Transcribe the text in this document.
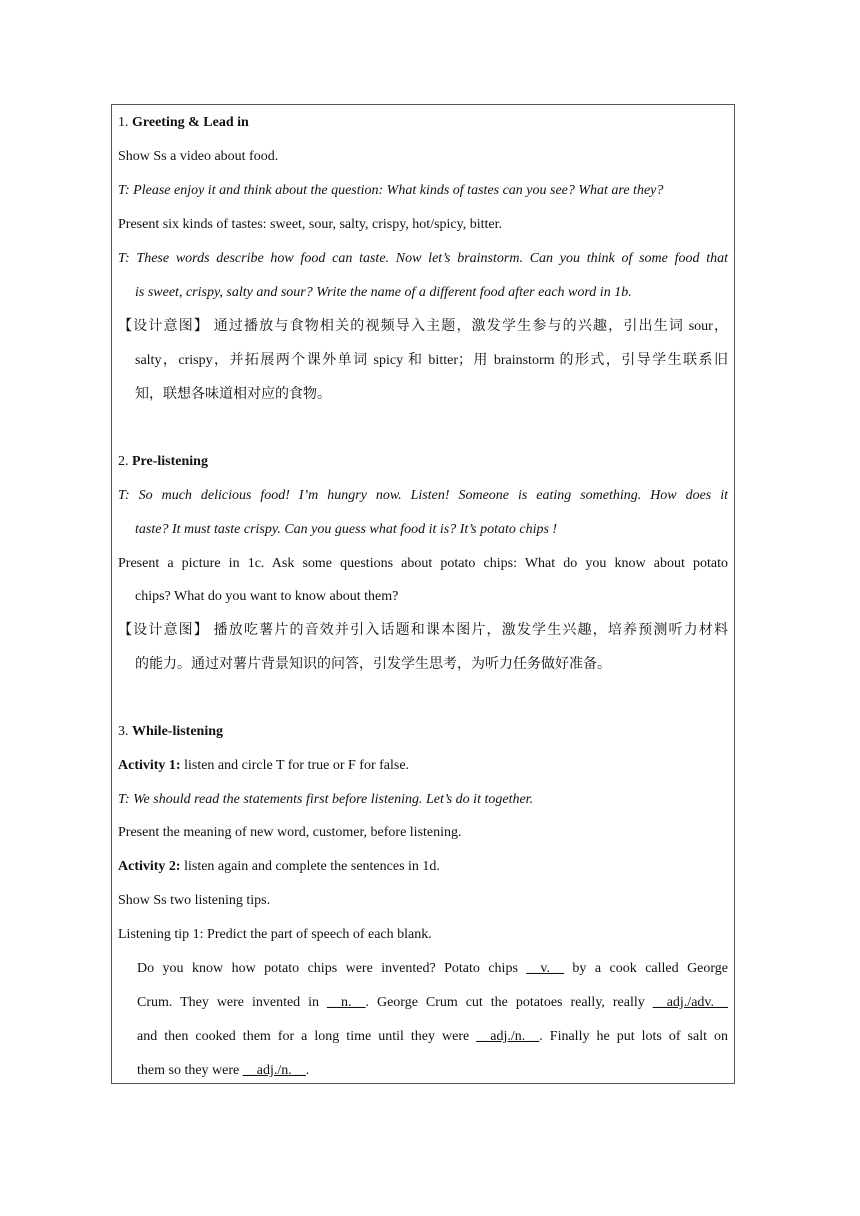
1. Greeting & Lead in
Show Ss a video about food.
T: Please enjoy it and think about the question: What kinds of tastes can you see? What are they?
Present six kinds of tastes: sweet, sour, salty, crispy, hot/spicy, bitter.
T: These words describe how food can taste. Now let’s brainstorm. Can you think of some food that
is sweet, crispy, salty and sour? Write the name of a different food after each word in 1b.
【设计意图】 通过播放与食物相关的视频导入主题，激发学生参与的兴趣，引出生词 sour，
salty，crispy，并拓展两个课外单词 spicy 和 bitter；用 brainstorm 的形式，引导学生联系旧
知，联想各味道相对应的食物。
2. Pre-listening
T: So much delicious food! I’m hungry now. Listen! Someone is eating something. How does it
taste? It must taste crispy. Can you guess what food it is? It’s potato chips !
Present a picture in 1c. Ask some questions about potato chips: What do you know about potato
chips? What do you want to know about them?
【设计意图】 播放吃薯片的音效并引入话题和课本图片，激发学生兴趣，培养预测听力材料
的能力。通过对薯片背景知识的问答，引发学生思考，为听力任务做好准备。
3. While-listening
Activity 1: listen and circle T for true or F for false.
T: We should read the statements first before listening. Let’s do it together.
Present the meaning of new word, customer, before listening.
Activity 2: listen again and complete the sentences in 1d.
Show Ss two listening tips.
Listening tip 1: Predict the part of speech of each blank.
Do you know how potato chips were invented? Potato chips __v.__ by a cook called George
Crum. They were invented in __n.__. George Crum cut the potatoes really, really __adj./adv.__
and then cooked them for a long time until they were __adj./n.__. Finally he put lots of salt on
them so they were __adj./n.__.
